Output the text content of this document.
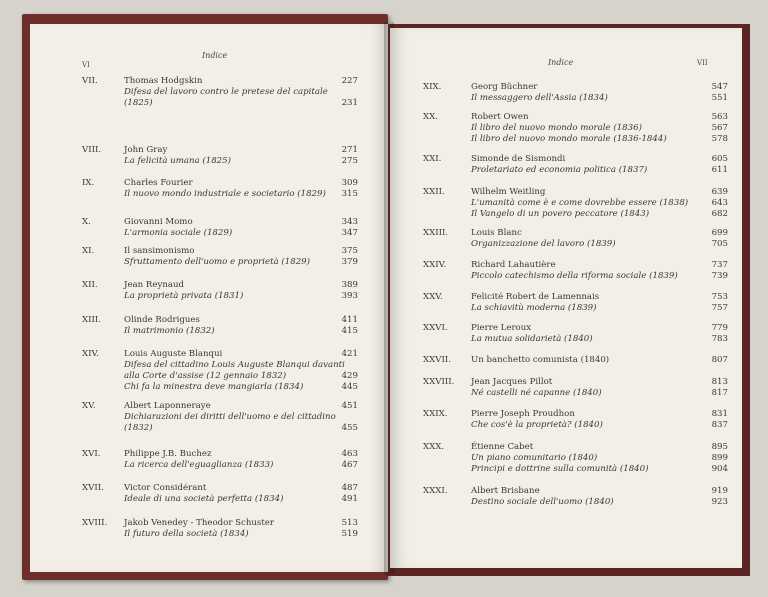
VI
Indice
VII.	Thomas Hodgskin	227
Difesa del lavoro contro le pretese del capitale
(1825)	231
VIII.	John Gray	271
La felicità umana (1825)	275
IX.	Charles Fourier	309
Il nuovo mondo industriale e societario (1829)	315
X.	Giovanni Momo	343
L'armonia sociale (1829)	347
XI.	Il sansimonismo	375
Sfruttamento dell'uomo e proprietà (1829)	379
XII.	Jean Reynaud	389
La proprietà privata (1831)	393
XIII.	Olinde Rodrigues	411
Il matrimonio (1832)	415
XIV.	Louis Auguste Blanqui	421
Difesa del cittadino Louis Auguste Blanqui davanti
alla Corte d'assise (12 gennaio 1832)	429
Chi fa la minestra deve mangiarla (1834)	445
XV.	Albert Laponneraye	451
Dichiarazioni dei diritti dell'uomo e del cittadino
(1832)	455
XVI.	Philippe J.B. Buchez	463
La ricerca dell'eguaglianza (1833)	467
XVII. Victor Considérant	487
Ideale di una società perfetta (1834)	491
XVIII. Jakob Venedey - Theodor Schuster	513
Il futuro della società (1834)	519
VII
Indice
XIX.	Georg Büchner	547
Il messaggero dell'Assia (1834)	551
XX.	Robert Owen	563
Il libro del nuovo mondo morale (1836)	567
Il libro del nuovo mondo morale (1836-1844)	578
XXI.	Simonde de Sismondi	605
Proletariato ed economia politica (1837)	611
XXII.	Wilhelm Weitling	639
L'umanità come è e come dovrebbe essere (1838)	643
Il Vangelo di un povero peccatore (1843)	682
XXIII.	Louis Blanc	699
Organizzazione del lavoro (1839)	705
XXIV.	Richard Lahautière	737
Piccolo catechismo della riforma sociale (1839)	739
XXV.	Felicité Robert de Lamennais	753
La schiavitù moderna (1839)	757
XXVI.	Pierre Leroux	779
La mutua solidarietà (1840)	783
XXVII. Un banchetto comunista (1840)	807
XXVIII. Jean Jacques Pillot	813
Né castelli né capanne (1840)	817
XXIX.	Pierre Joseph Proudhon	831
Che cos'è la proprietà? (1840)	837
XXX.	Étienne Cabet	895
Un piano comunitario (1840)	899
Principi e dottrine sulla comunità (1840)	904
XXXI.	Albert Brisbane	919
Destino sociale dell'uomo (1840)	923
